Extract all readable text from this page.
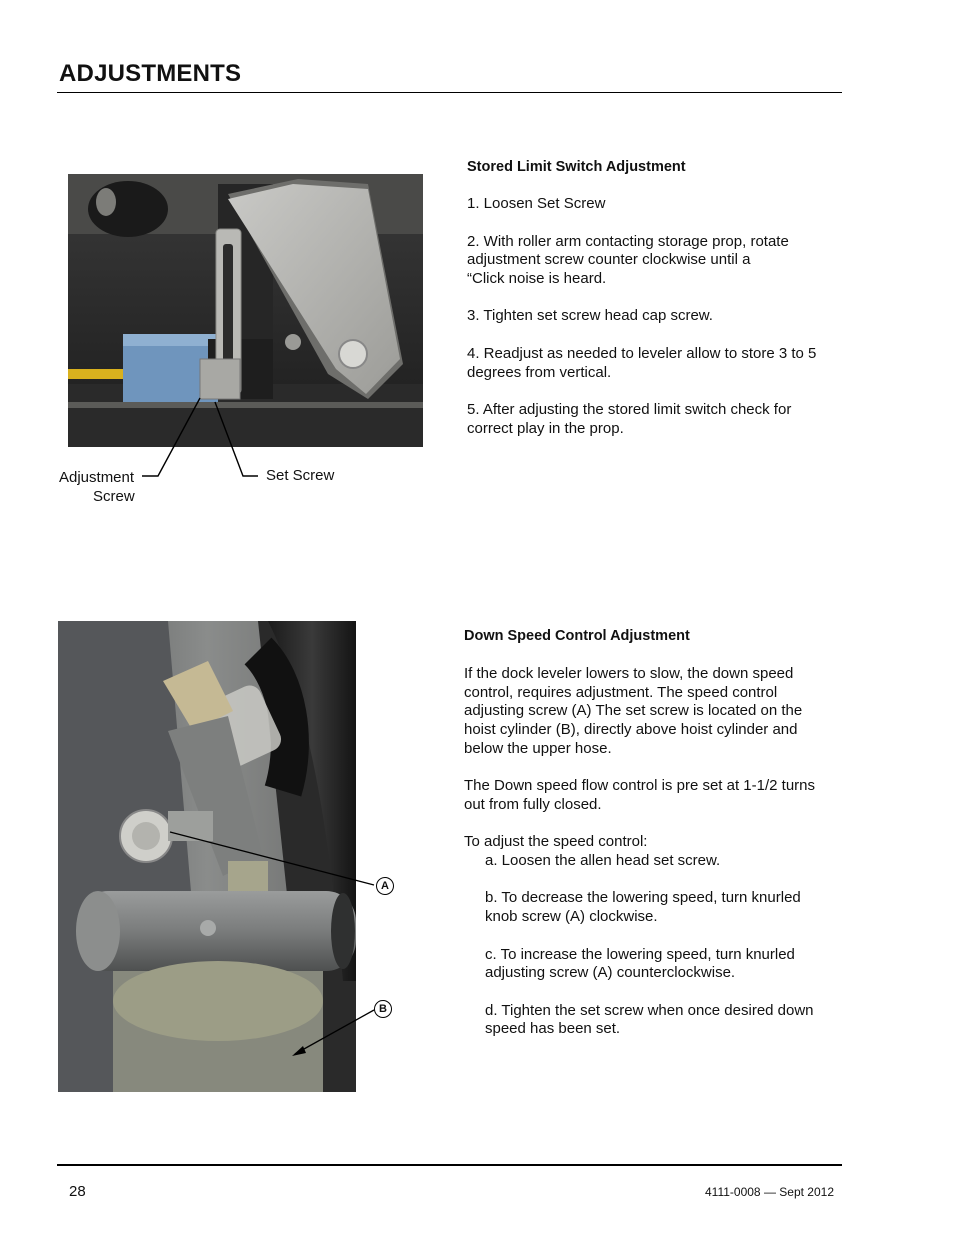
ADJUSTMENTS
Adjustment
Screw
Set Screw
Stored Limit Switch Adjustment

1. Loosen Set Screw

2. With roller arm contacting storage prop, rotate
adjustment screw counter clockwise until a
“Click noise is heard.

3. Tighten set screw head cap screw.

4. Readjust as needed to leveler allow to store 3 to 5
degrees from vertical.

5. After adjusting the stored limit switch check for
correct play in the prop.

A
B
Down Speed Control Adjustment

If the dock leveler lowers to slow, the down speed
control, requires adjustment. The speed control
adjusting screw (A) The set screw is located on the
hoist cylinder (B), directly above hoist cylinder and
below the upper hose.

The Down speed flow control is pre set at 1-1/2 turns
out from fully closed.

To adjust the speed control:

a. Loosen the allen head set screw.

b. To decrease the lowering speed, turn knurled
knob screw (A) clockwise.

c. To increase the lowering speed, turn knurled
adjusting screw (A) counterclockwise.

d. Tighten the set screw when once desired down
speed has been set.

28	4111-0008 — Sept 2012
